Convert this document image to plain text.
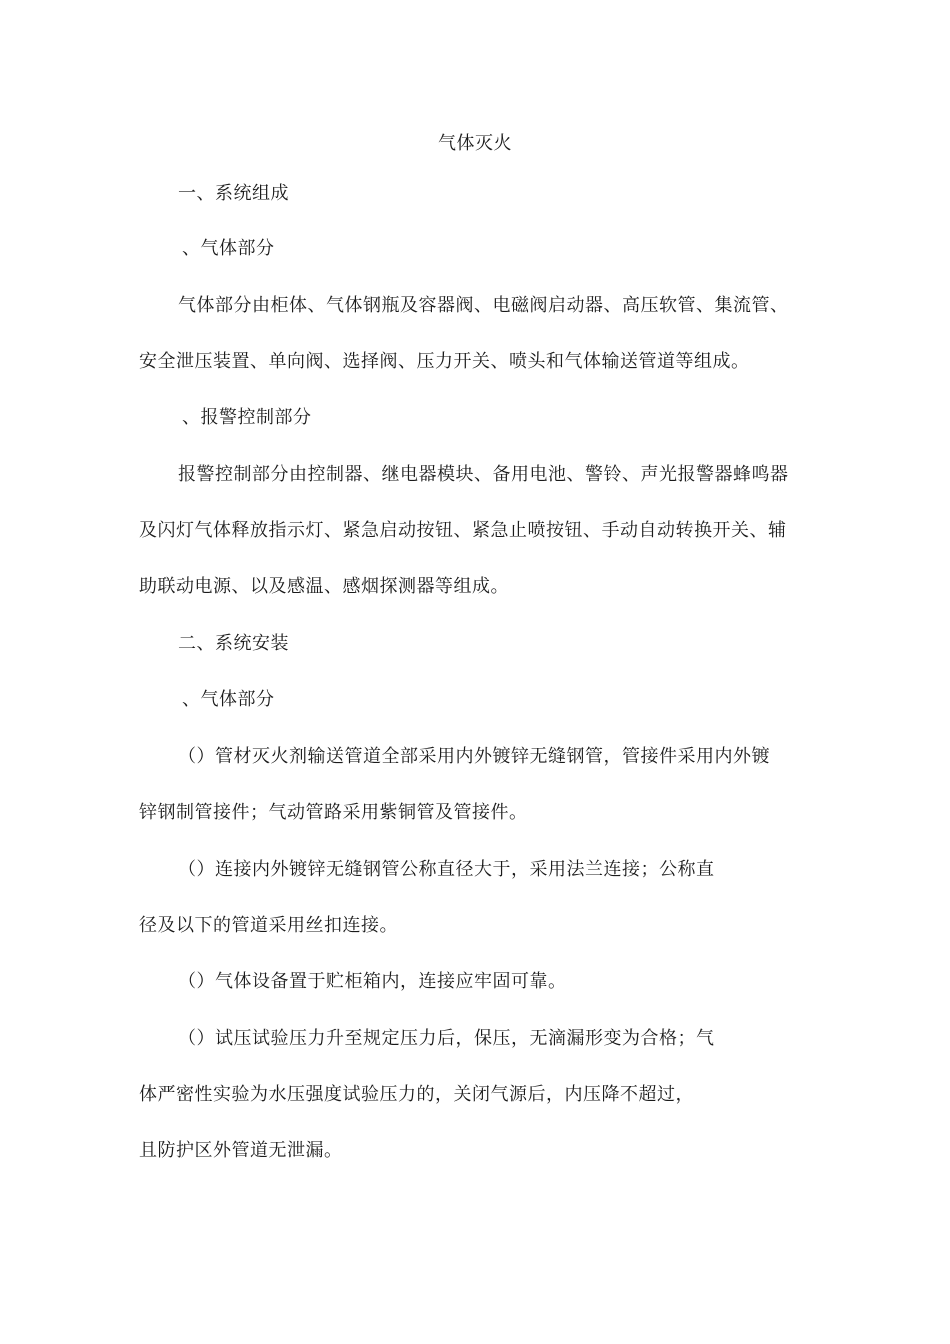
气体灭火
一、系统组成
、气体部分
气体部分由柜体、气体钢瓶及容器阀、电磁阀启动器、高压软管、集流管、
安全泄压装置、单向阀、选择阀、压力开关、喷头和气体输送管道等组成。
、报警控制部分
报警控制部分由控制器、继电器模块、备用电池、警铃、声光报警器蜂鸣器
及闪灯气体释放指示灯、紧急启动按钮、紧急止喷按钮、手动自动转换开关、辅
助联动电源、以及感温、感烟探测器等组成。
二、系统安装
、气体部分
（）管材灭火剂输送管道全部采用内外镀锌无缝钢管，管接件采用内外镀
锌钢制管接件；气动管路采用紫铜管及管接件。
（）连接内外镀锌无缝钢管公称直径大于，采用法兰连接；公称直
径及以下的管道采用丝扣连接。
（）气体设备置于贮柜箱内，连接应牢固可靠。
（）试压试验压力升至规定压力后，保压，无滴漏形变为合格；气
体严密性实验为水压强度试验压力的，关闭气源后，内压降不超过，
且防护区外管道无泄漏。
